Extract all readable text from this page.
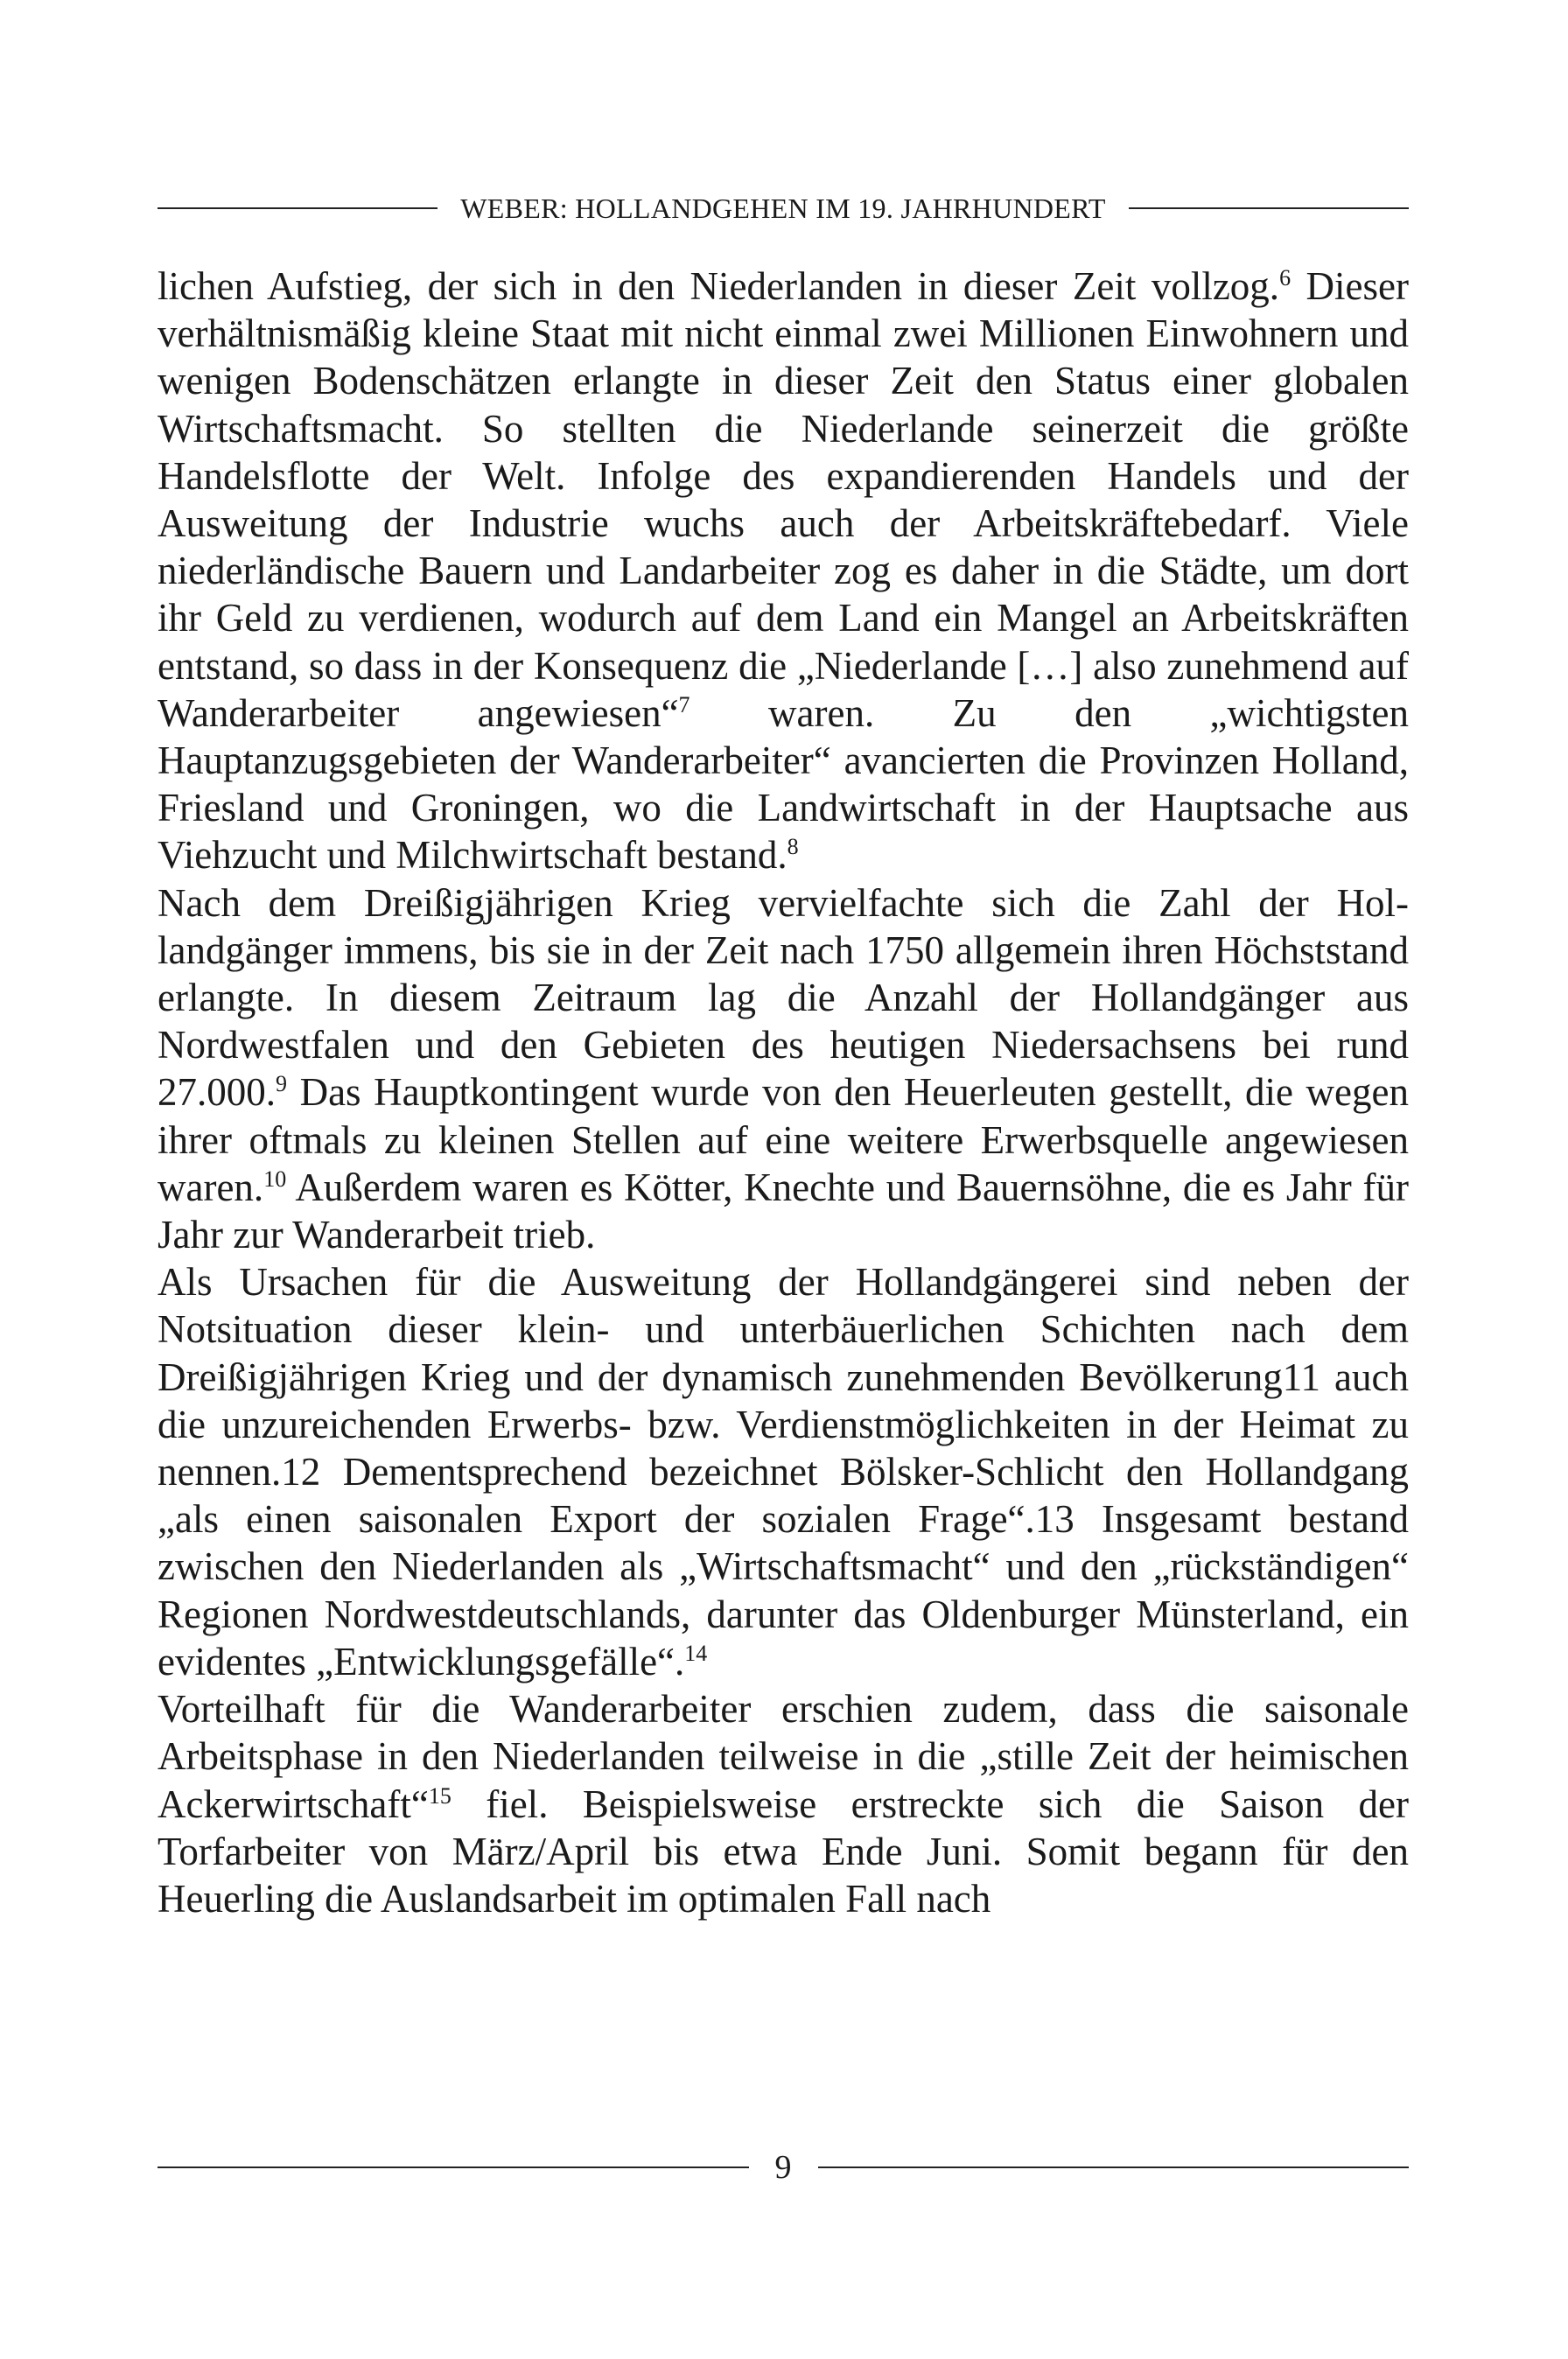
WEBER: HOLLANDGEHEN IM 19. JAHRHUNDERT

lichen Aufstieg, der sich in den Niederlanden in dieser Zeit vollzog.$^6$ Dieser verhältnismäßig kleine Staat mit nicht einmal zwei Millionen Einwohnern und wenigen Bodenschätzen erlangte in dieser Zeit den Status einer globalen Wirtschaftsmacht. So stellten die Niederlande seinerzeit die größte Handelsflotte der Welt. Infolge des expandierenden Handels und der Ausweitung der Industrie wuchs auch der Arbeitskräftebedarf. Viele niederländische Bauern und Landarbeiter zog es daher in die Städte, um dort ihr Geld zu verdienen, wodurch auf dem Land ein Mangel an Arbeitskräften entstand, so dass in der Konsequenz die „Niederlande […] also zunehmend auf Wanderarbeiter angewiesen“$^7$ waren. Zu den „wichtigsten Hauptanzugsgebieten der Wanderarbeiter“ avancierten die Provinzen Holland, Friesland und Groningen, wo die Landwirtschaft in der Hauptsache aus Viehzucht und Milchwirtschaft bestand.$^8$

Nach dem Dreißigjährigen Krieg vervielfachte sich die Zahl der Hollandgänger immens, bis sie in der Zeit nach 1750 allgemein ihren Höchststand erlangte. In diesem Zeitraum lag die Anzahl der Hollandgänger aus Nordwestfalen und den Gebieten des heutigen Niedersachsens bei rund 27.000.$^9$ Das Hauptkontingent wurde von den Heuerleuten gestellt, die wegen ihrer oftmals zu kleinen Stellen auf eine weitere Erwerbsquelle angewiesen waren.$^{10}$ Außerdem waren es Kötter, Knechte und Bauernsöhne, die es Jahr für Jahr zur Wanderarbeit trieb.

Als Ursachen für die Ausweitung der Hollandgängerei sind neben der Notsituation dieser klein- und unterbäuerlichen Schichten nach dem Dreißigjährigen Krieg und der dynamisch zunehmenden Bevölkerung11 auch die unzureichenden Erwerbs- bzw. Verdienstmöglichkeiten in der Heimat zu nennen.12 Dementsprechend bezeichnet Bölsker-Schlicht den Hollandgang „als einen saisonalen Export der sozialen Frage“.13 Insgesamt bestand zwischen den Niederlanden als „Wirtschaftsmacht“ und den „rückständigen“ Regionen Nordwestdeutschlands, darunter das Oldenburger Münsterland, ein evidentes „Entwicklungsgefälle“.$^{14}$

Vorteilhaft für die Wanderarbeiter erschien zudem, dass die saisonale Arbeitsphase in den Niederlanden teilweise in die „stille Zeit der heimischen Ackerwirtschaft“$^{15}$ fiel. Beispielsweise erstreckte sich die Saison der Torfarbeiter von März/April bis etwa Ende Juni. Somit begann für den Heuerling die Auslandsarbeit im optimalen Fall nach

9
